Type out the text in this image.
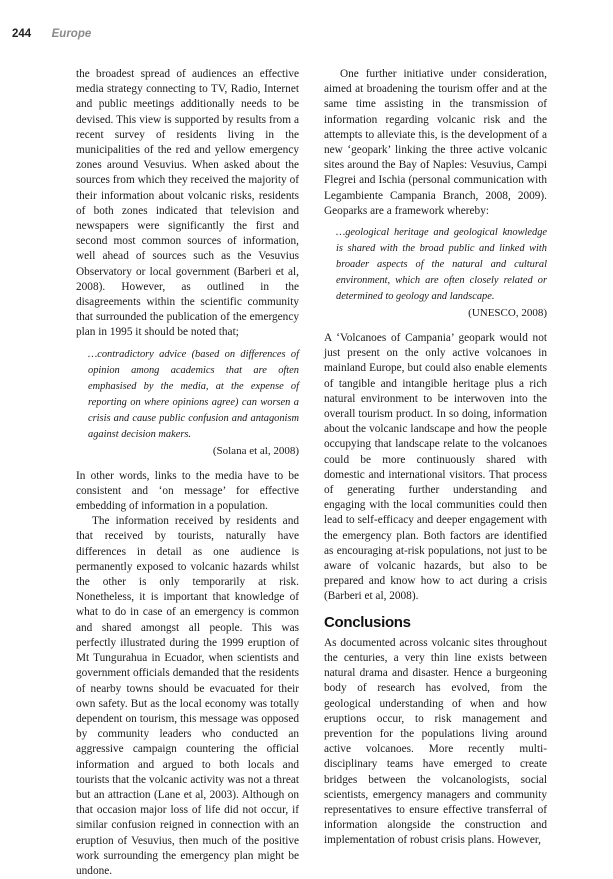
244 Europe

the broadest spread of audiences an effective media strategy connecting to TV, Radio, Internet and public meetings additionally needs to be devised. This view is supported by results from a recent survey of residents living in the municipalities of the red and yellow emergency zones around Vesuvius. When asked about the sources from which they received the majority of their information about volcanic risks, residents of both zones indicated that television and newspapers were significantly the first and second most common sources of information, well ahead of sources such as the Vesuvius Observatory or local government (Barberi et al, 2008). However, as outlined in the disagreements within the scientific community that surrounded the publication of the emergency plan in 1995 it should be noted that;

…contradictory advice (based on differences of opinion among academics that are often emphasised by the media, at the expense of reporting on where opinions agree) can worsen a crisis and cause public confusion and antagonism against decision makers.

(Solana et al, 2008)

In other words, links to the media have to be consistent and ‘on message’ for effective embedding of information in a population.

The information received by residents and that received by tourists, naturally have differences in detail as one audience is permanently exposed to volcanic hazards whilst the other is only temporarily at risk. Nonetheless, it is important that knowledge of what to do in case of an emergency is common and shared amongst all people. This was perfectly illustrated during the 1999 eruption of Mt Tungurahua in Ecuador, when scientists and government officials demanded that the residents of nearby towns should be evacuated for their own safety. But as the local economy was totally dependent on tourism, this message was opposed by community leaders who conducted an aggressive campaign countering the official information and argued to both locals and tourists that the volcanic activity was not a threat but an attraction (Lane et al, 2003). Although on that occasion major loss of life did not occur, if similar confusion reigned in connection with an eruption of Vesuvius, then much of the positive work surrounding the emergency plan might be undone.

One further initiative under consideration, aimed at broadening the tourism offer and at the same time assisting in the transmission of information regarding volcanic risk and the attempts to alleviate this, is the development of a new ‘geopark’ linking the three active volcanic sites around the Bay of Naples: Vesuvius, Campi Flegrei and Ischia (personal communication with Legambiente Campania Branch, 2008, 2009). Geoparks are a framework whereby:

…geological heritage and geological knowledge is shared with the broad public and linked with broader aspects of the natural and cultural environment, which are often closely related or determined to geology and landscape.

(UNESCO, 2008)

A ‘Volcanoes of Campania’ geopark would not just present on the only active volcanoes in mainland Europe, but could also enable elements of tangible and intangible heritage plus a rich natural environment to be interwoven into the overall tourism product. In so doing, information about the volcanic landscape and how the people occupying that landscape relate to the volcanoes could be more continuously shared with domestic and international visitors. That process of generating further understanding and engaging with the local communities could then lead to self-efficacy and deeper engagement with the emergency plan. Both factors are identified as encouraging at-risk populations, not just to be aware of volcanic hazards, but also to be prepared and know how to act during a crisis (Barberi et al, 2008).

Conclusions

As documented across volcanic sites throughout the centuries, a very thin line exists between natural drama and disaster. Hence a burgeoning body of research has evolved, from the geological understanding of when and how eruptions occur, to risk management and prevention for the populations living around active volcanoes. More recently multi-disciplinary teams have emerged to create bridges between the volcanologists, social scientists, emergency managers and community representatives to ensure effective transferral of information alongside the construction and implementation of robust crisis plans. However,
